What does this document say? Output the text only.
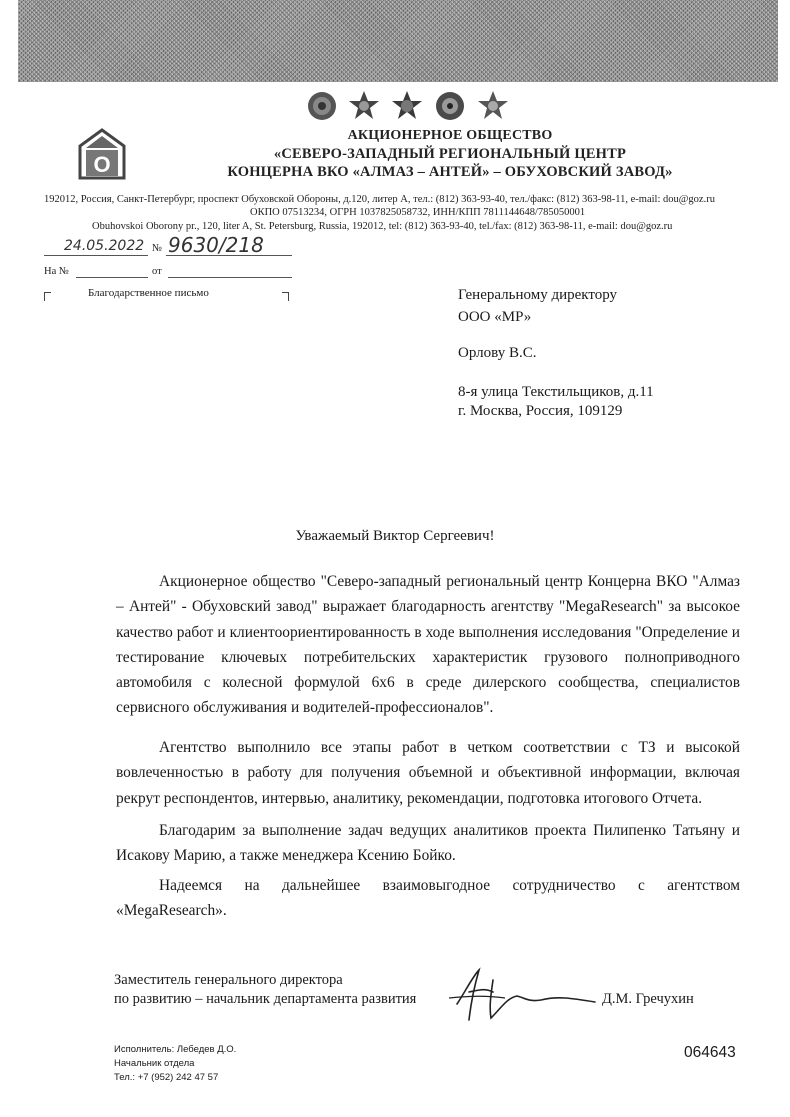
О
АКЦИОНЕРНОЕ ОБЩЕСТВО
«СЕВЕРО-ЗАПАДНЫЙ РЕГИОНАЛЬНЫЙ ЦЕНТР
КОНЦЕРНА ВКО «АЛМАЗ – АНТЕЙ» – ОБУХОВСКИЙ ЗАВОД»
192012, Россия, Санкт-Петербург, проспект Обуховской Обороны, д.120, литер А, тел.: (812) 363-93-40, тел./факс: (812) 363-98-11, e-mail: dou@goz.ru
ОКПО 07513234, ОГРН 1037825058732, ИНН/КПП 7811144648/785050001
Obuhovskoi Oborony pr., 120, liter A, St. Petersburg, Russia, 192012, tel: (812) 363-93-40, tel./fax: (812) 363-98-11, e-mail: dou@goz.ru
24.05.2022 № 9630/218
На №	от
Благодарственное письмо	Генеральному директору
ООО «МР»
Орлову В.С.
8-я улица Текстильщиков, д.11
г. Москва, Россия, 109129
Уважаемый Виктор Сергеевич!
Акционерное общество "Северо-западный региональный центр Концерна ВКО "Алмаз – Антей" - Обуховский завод" выражает благодарность агентству "MegaResearch" за высокое качество работ и клиентоориентированность в ходе выполнения исследования "Определение и тестирование ключевых потребительских характеристик грузового полноприводного автомобиля с колесной формулой 6х6 в среде дилерского сообщества, специалистов сервисного обслуживания и водителей-профессионалов".
Агентство выполнило все этапы работ в четком соответствии с ТЗ и высокой вовлеченностью в работу для получения объемной и объективной информации, включая рекрут респондентов, интервью, аналитику, рекомендации, подготовка итогового Отчета.
Благодарим за выполнение задач ведущих аналитиков проекта Пилипенко Татьяну и Исакову Марию, а также менеджера Ксению Бойко.
Надеемся на дальнейшее взаимовыгодное сотрудничество с агентством «MegaResearch».
Заместитель генерального директора
по развитию – начальник департамента развития	Д.М. Гречухин
Исполнитель: Лебедев Д.О.
Начальник отдела
Тел.: +7 (952) 242 47 57
064643
